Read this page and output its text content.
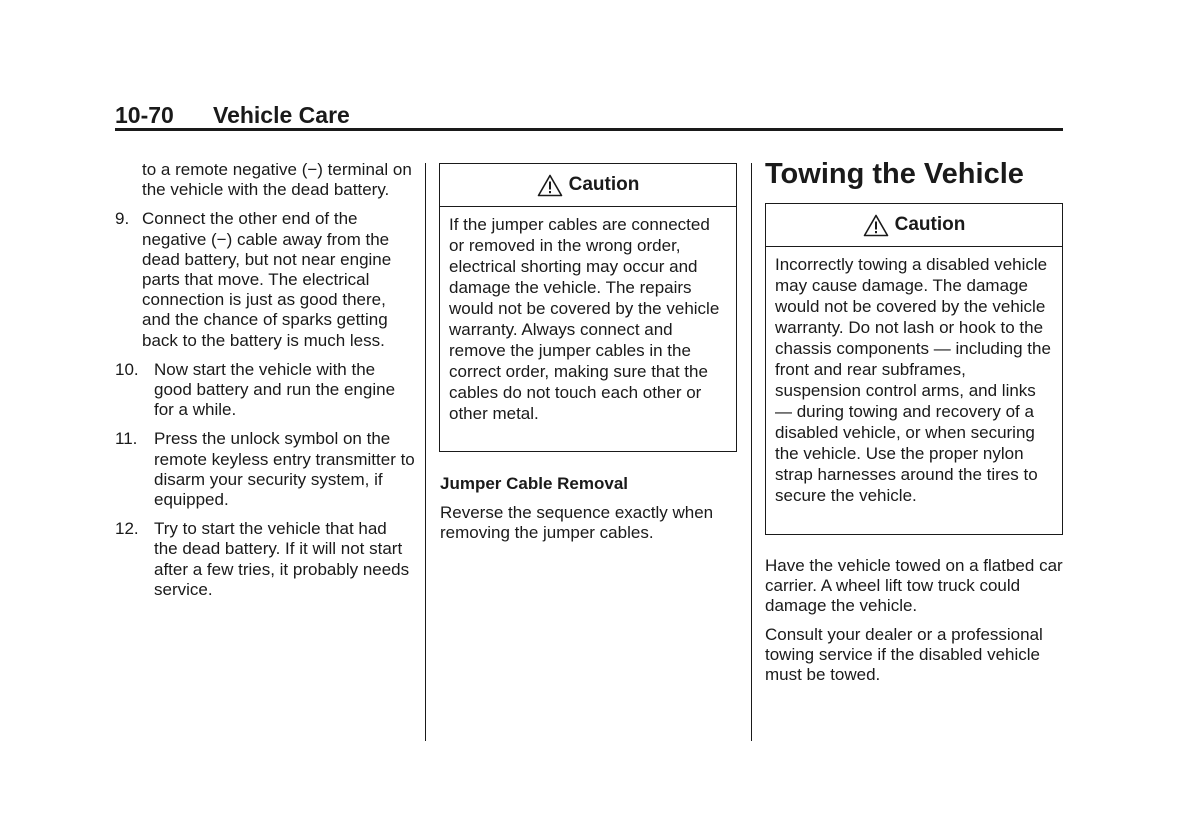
10-70 Vehicle Care
to a remote negative (−) terminal on the vehicle with the dead battery.
9. Connect the other end of the negative (−) cable away from the dead battery, but not near engine parts that move. The electrical connection is just as good there, and the chance of sparks getting back to the battery is much less.
10. Now start the vehicle with the good battery and run the engine for a while.
11. Press the unlock symbol on the remote keyless entry transmitter to disarm your security system, if equipped.
12. Try to start the vehicle that had the dead battery. If it will not start after a few tries, it probably needs service.
Caution
If the jumper cables are connected or removed in the wrong order, electrical shorting may occur and damage the vehicle. The repairs would not be covered by the vehicle warranty. Always connect and remove the jumper cables in the correct order, making sure that the cables do not touch each other or other metal.
Jumper Cable Removal
Reverse the sequence exactly when removing the jumper cables.
Towing the Vehicle
Caution
Incorrectly towing a disabled vehicle may cause damage. The damage would not be covered by the vehicle warranty. Do not lash or hook to the chassis components — including the front and rear subframes, suspension control arms, and links — during towing and recovery of a disabled vehicle, or when securing the vehicle. Use the proper nylon strap harnesses around the tires to secure the vehicle.
Have the vehicle towed on a flatbed car carrier. A wheel lift tow truck could damage the vehicle.
Consult your dealer or a professional towing service if the disabled vehicle must be towed.
